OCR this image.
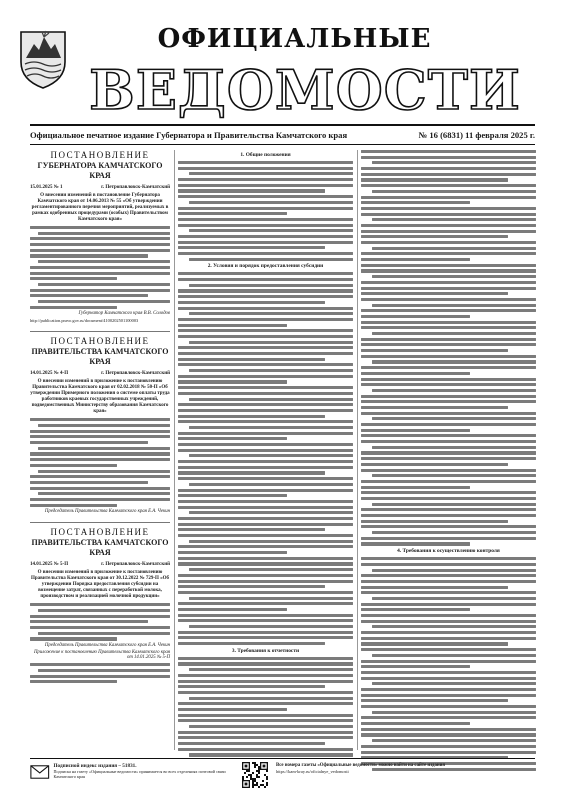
ОФИЦИАЛЬНЫЕ
ВЕДОМОСТИ
Официальное печатное издание Губернатора и Правительства Камчатского края	№ 16 (6831) 11 февраля 2025 г.
ПОСТАНОВЛЕНИЕ
ГУБЕРНАТОРА КАМЧАТСКОГО КРАЯ
15.01.2025 № 1	г. Петропавловск-Камчатский
О внесении изменений в постановление Губернатора Камчатского края от 14.06.2013 № 55 «Об утверждении регламентированного перечня мероприятий, реализуемых в рамках одобренных процедурами (особых) Правительством Камчатского края»
Губернатор Камчатского края В.В. Солодов
http://publication.pravo.gov.ru/document/4100202501100003
ПОСТАНОВЛЕНИЕ
ПРАВИТЕЛЬСТВА КАМЧАТСКОГО КРАЯ
14.01.2025 № 4-П	г. Петропавловск-Камчатский
О внесении изменений в приложение к постановлению Правительства Камчатского края от 02.02.2018 № 50-П «Об утверждении Примерного положения о системе оплаты труда работников краевых государственных учреждений, подведомственных Министерству образования Камчатского края»
Председатель Правительства Камчатского края Е.А. Чекин
ПОСТАНОВЛЕНИЕ
ПРАВИТЕЛЬСТВА КАМЧАТСКОГО КРАЯ
14.01.2025 № 5-П	г. Петропавловск-Камчатский
О внесении изменений в приложение к постановлению Правительства Камчатского края от 30.12.2022 № 729-П «Об утверждении Порядка предоставления субсидии на возмещение затрат, связанных с переработкой молока, производством и реализацией молочной продукции»
Председатель Правительства Камчатского края Е.А. Чекин
Приложение к постановлению Правительства Камчатского края от 14.01.2025 № 5-П
1. Общие положения
2. Условия и порядок предоставления субсидии
3. Требования к отчетности
4. Требования к осуществлению контроля
Подписной индекс издания – 51831.
Подписка на газету «Официальные ведомости» принимается во всех отделениях почтовой связи Камчатского края
Все номера газеты «Официальные ведомости» можно найти на сайте издания
https://kam-kray.ru/oficialnye_vedomosti
